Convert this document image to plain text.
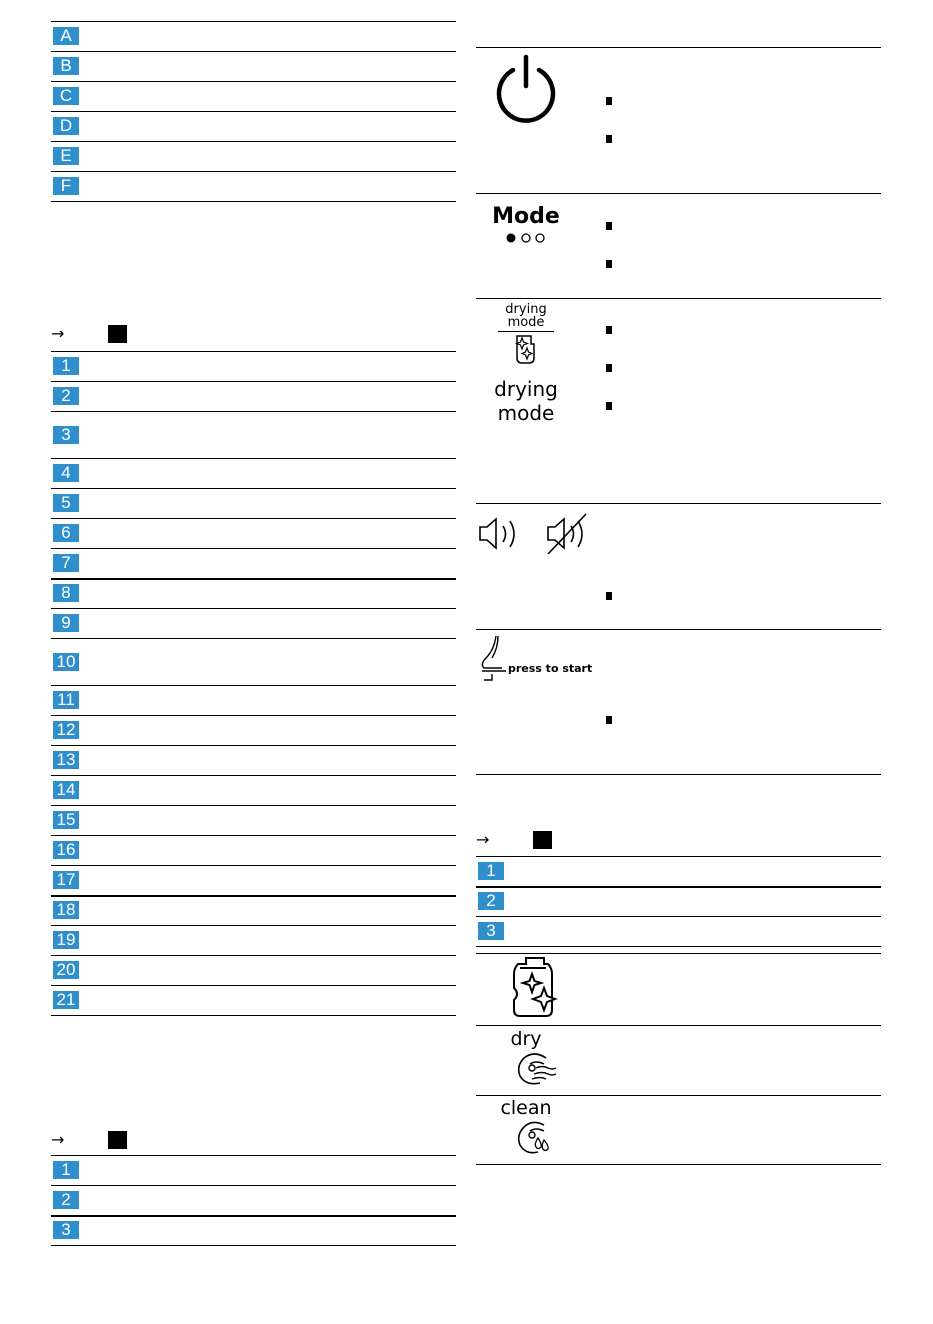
A	
B	
C	
D	
E	
F	
→
1	
2	
3	
4	
5	
6	
7	
8	
9	
10	
11	
12	
13	
14	
15	
16	
17	
18	
19	
20	
21	
→
1	
2	
3	

Mode	

drying mode
drying
mode	

press to start	

→
1	
2	
3	

dry	

clean	
